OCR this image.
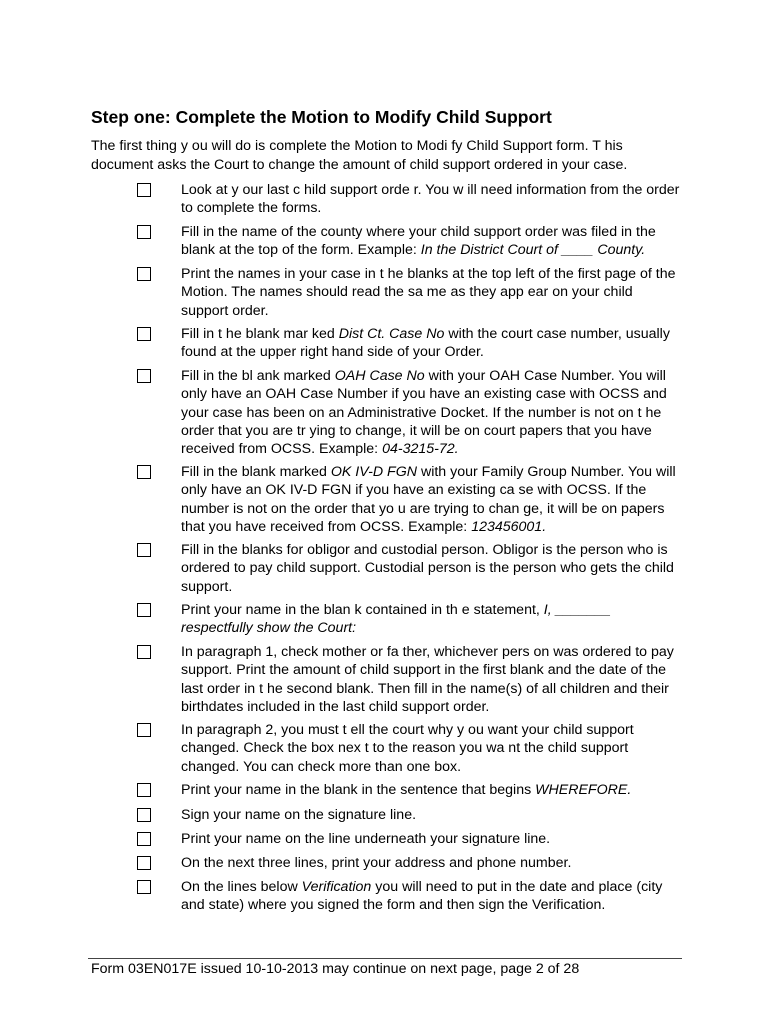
Step one: Complete the Motion to Modify Child Support

The first thing y ou will do is complete the Motion to Modi fy Child Support form. T his document asks the Court to change the amount of child support ordered in your case.

Look at y our last c hild support orde r. You w ill need information from the order to complete the forms.

Fill in the name of the county where your child support order was filed in the blank at the top of the form. Example: In the District Court of ____ County.

Print the names in your case in t he blanks at the top left of the first page of the Motion. The names should read the sa me as they app ear on your child support order.

Fill in t he blank mar ked Dist Ct. Case No with the court case number, usually found at the upper right hand side of your Order.

Fill in the bl ank marked OAH Case No with your OAH Case Number. You will only have an OAH Case Number if you have an existing case with OCSS and your case has been on an Administrative Docket. If the number is not on t he order that you are tr ying to change, it will be on court papers that you have received from OCSS. Example: 04-3215-72.

Fill in the blank marked OK IV-D FGN with your Family Group Number. You will only have an OK IV-D FGN if you have an existing ca se with OCSS. If the number is not on the order that yo u are trying to chan ge, it will be on papers that you have received from OCSS. Example: 123456001.

Fill in the blanks for obligor and custodial person. Obligor is the person who is ordered to pay child support. Custodial person is the person who gets the child support.

Print your name in the blan k contained in th e statement, I, _______ respectfully show the Court:

In paragraph 1, check mother or fa ther, whichever pers on was ordered to pay support. Print the amount of child support in the first blank and the date of the last order in t he second blank. Then fill in the name(s) of all children and their birthdates included in the last child support order.

In paragraph 2, you must t ell the court why y ou want your child support changed. Check the box nex t to the reason you wa nt the child support changed. You can check more than one box.

Print your name in the blank in the sentence that begins WHEREFORE.

Sign your name on the signature line.

Print your name on the line underneath your signature line.

On the next three lines, print your address and phone number.

On the lines below Verification you will need to put in the date and place (city and state) where you signed the form and then sign the Verification.

Form 03EN017E issued 10-10-2013 may continue on next page, page 2 of 28
